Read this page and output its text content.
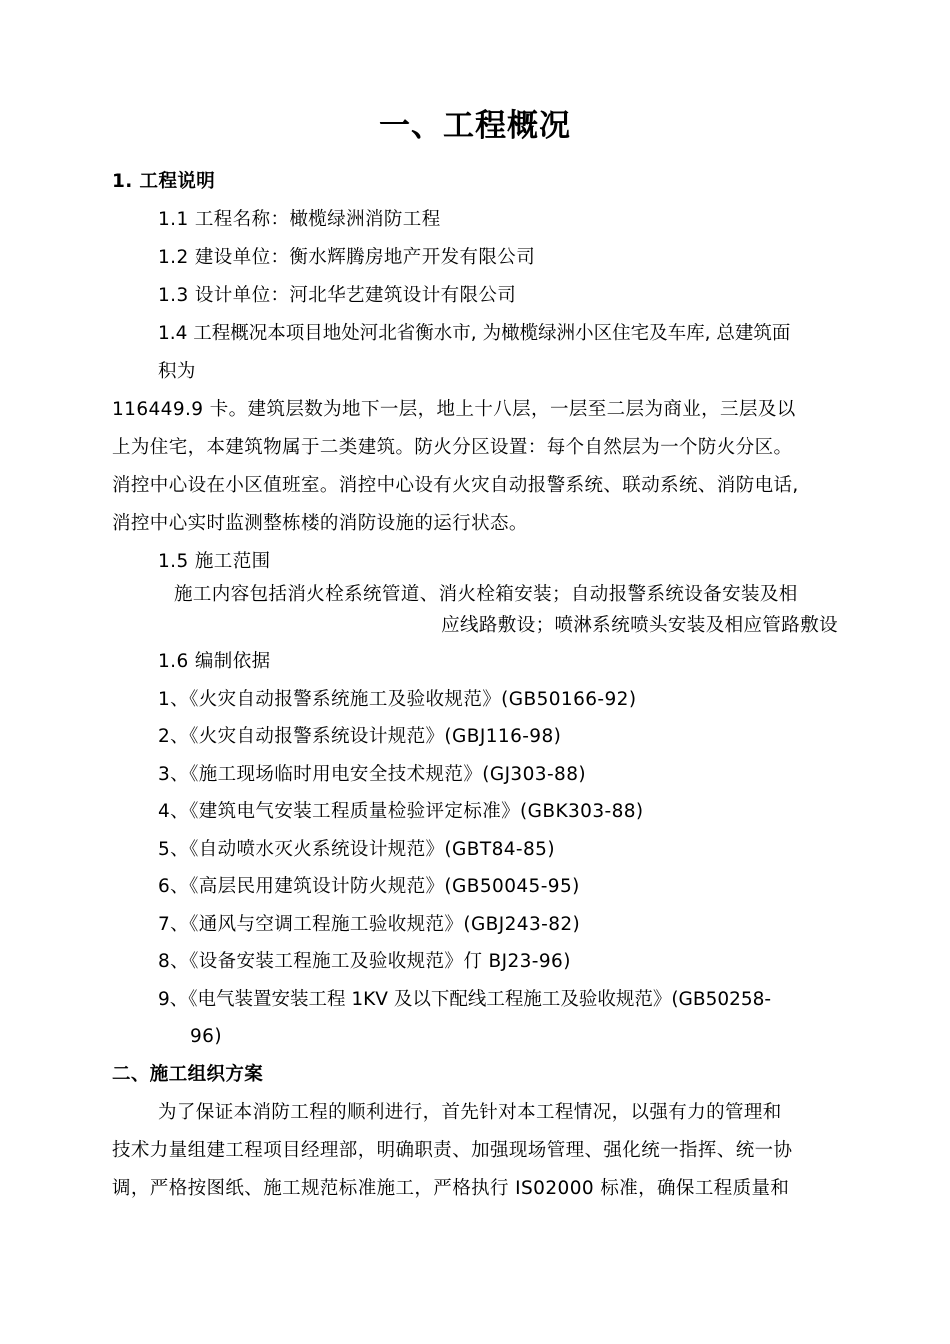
一、工程概况
1. 工程说明
1.1 工程名称：橄榄绿洲消防工程
1.2 建设单位：衡水辉腾房地产开发有限公司
1.3 设计单位：河北华艺建筑设计有限公司
1.4 工程概况本项目地处河北省衡水市, 为橄榄绿洲小区住宅及车库, 总建筑面
积为
116449.9 卡。建筑层数为地下一层，地上十八层，一层至二层为商业，三层及以
上为住宅，本建筑物属于二类建筑。防火分区设置：每个自然层为一个防火分区。
消控中心设在小区值班室。消控中心设有火灾自动报警系统、联动系统、消防电话,
消控中心实时监测整栋楼的消防设施的运行状态。
1.5 施工范围
施工内容包括消火栓系统管道、消火栓箱安装；自动报警系统设备安装及相
应线路敷设；喷淋系统喷头安装及相应管路敷设
1.6 编制依据
1、《火灾自动报警系统施工及验收规范》(GB50166-92)
2、《火灾自动报警系统设计规范》(GBJ116-98)
3、《施工现场临时用电安全技术规范》(GJ303-88)
4、《建筑电气安装工程质量检验评定标准》(GBK303-88)
5、《自动喷水灭火系统设计规范》(GBT84-85)
6、《高层民用建筑设计防火规范》(GB50045-95)
7、《通风与空调工程施工验收规范》(GBJ243-82)
8、《设备安装工程施工及验收规范》仃 BJ23-96)
9、《电气装置安装工程 1KV 及以下配线工程施工及验收规范》(GB50258-
96)
二、施工组织方案
为了保证本消防工程的顺利进行，首先针对本工程情况，以强有力的管理和
技术力量组建工程项目经理部，明确职责、加强现场管理、强化统一指挥、统一协
调，严格按图纸、施工规范标准施工，严格执行 IS02000 标准，确保工程质量和
